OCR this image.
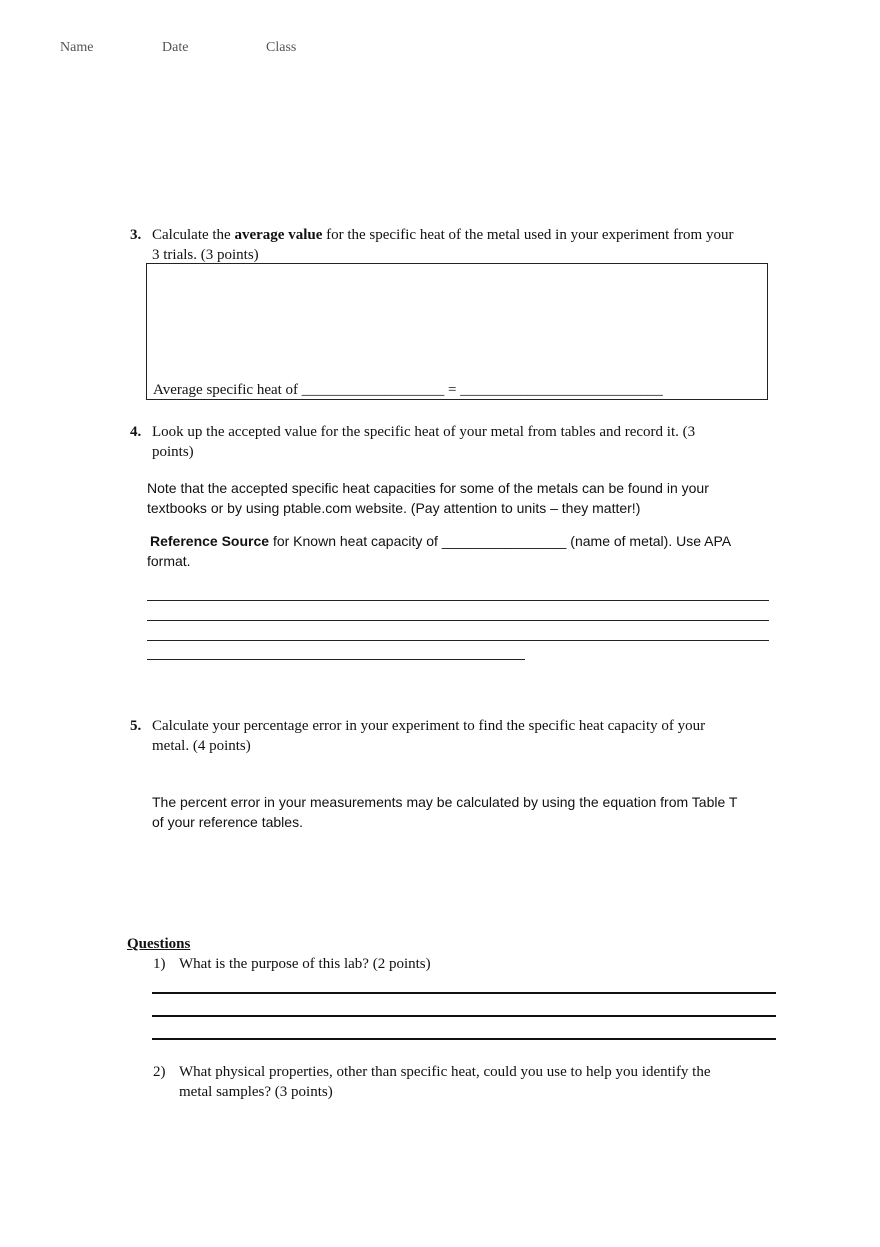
Name	Date	Class
3. Calculate the average value for the specific heat of the metal used in your experiment from your
3 trials. (3 points)
Average specific heat of ___________________ = ___________________________
4. Look up the accepted value for the specific heat of your metal from tables and record it. (3
points)
Note that the accepted specific heat capacities for some of the metals can be found in your
textbooks or by using ptable.com website. (Pay attention to units – they matter!)
Reference Source for Known heat capacity of ________________ (name of metal). Use APA
format.
5. Calculate your percentage error in your experiment to find the specific heat capacity of your
metal. (4 points)
The percent error in your measurements may be calculated by using the equation from Table T
of your reference tables.
Questions
1) What is the purpose of this lab? (2 points)
2) What physical properties, other than specific heat, could you use to help you identify the
metal samples? (3 points)
